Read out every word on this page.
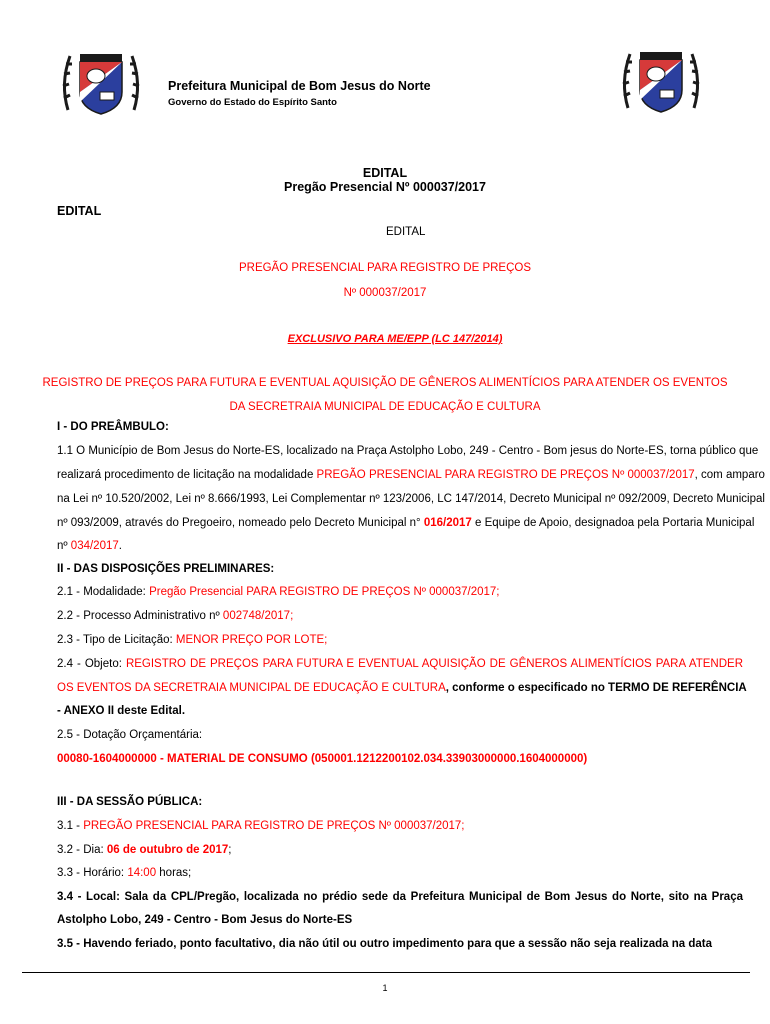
Prefeitura Municipal de Bom Jesus do Norte
Governo do Estado do Espírito Santo
EDITAL
Pregão Presencial Nº 000037/2017
EDITAL
EDITAL
PREGÃO PRESENCIAL PARA REGISTRO DE PREÇOS
Nº 000037/2017
EXCLUSIVO PARA ME/EPP (LC 147/2014)
REGISTRO DE PREÇOS PARA FUTURA E EVENTUAL AQUISIÇÃO DE GÊNEROS ALIMENTÍCIOS PARA ATENDER OS EVENTOS
DA SECRETRAIA MUNICIPAL DE EDUCAÇÃO E CULTURA
I - DO PREÂMBULO:
1.1 O Município de Bom Jesus do Norte-ES, localizado na Praça Astolpho Lobo, 249 - Centro - Bom jesus do Norte-ES, torna público que
realizará procedimento de licitação na modalidade PREGÃO PRESENCIAL PARA REGISTRO DE PREÇOS Nº 000037/2017, com amparo
na Lei nº 10.520/2002, Lei nº 8.666/1993, Lei Complementar nº 123/2006, LC 147/2014, Decreto Municipal nº 092/2009, Decreto Municipal
nº 093/2009, através do Pregoeiro, nomeado pelo Decreto Municipal n° 016/2017 e Equipe de Apoio, designadoa pela Portaria Municipal
nº 034/2017.
II - DAS DISPOSIÇÕES PRELIMINARES:
2.1 - Modalidade: Pregão Presencial PARA REGISTRO DE PREÇOS Nº 000037/2017;
2.2 - Processo Administrativo nº 002748/2017;
2.3 - Tipo de Licitação: MENOR PREÇO POR LOTE;
2.4 - Objeto: REGISTRO DE PREÇOS PARA FUTURA E EVENTUAL AQUISIÇÃO DE GÊNEROS ALIMENTÍCIOS PARA ATENDER
OS EVENTOS DA SECRETRAIA MUNICIPAL DE EDUCAÇÃO E CULTURA, conforme o especificado no TERMO DE REFERÊNCIA
- ANEXO II deste Edital.
2.5 - Dotação Orçamentária:
00080-1604000000 - MATERIAL DE CONSUMO (050001.1212200102.034.33903000000.1604000000)
III - DA SESSÃO PÚBLICA:
3.1 - PREGÃO PRESENCIAL PARA REGISTRO DE PREÇOS Nº 000037/2017;
3.2 - Dia: 06 de outubro de 2017;
3.3 - Horário: 14:00 horas;
3.4 - Local: Sala da CPL/Pregão, localizada no prédio sede da Prefeitura Municipal de Bom Jesus do Norte, sito na Praça
Astolpho Lobo, 249 - Centro - Bom Jesus do Norte-ES
3.5 - Havendo feriado, ponto facultativo, dia não útil ou outro impedimento para que a sessão não seja realizada na data
1
